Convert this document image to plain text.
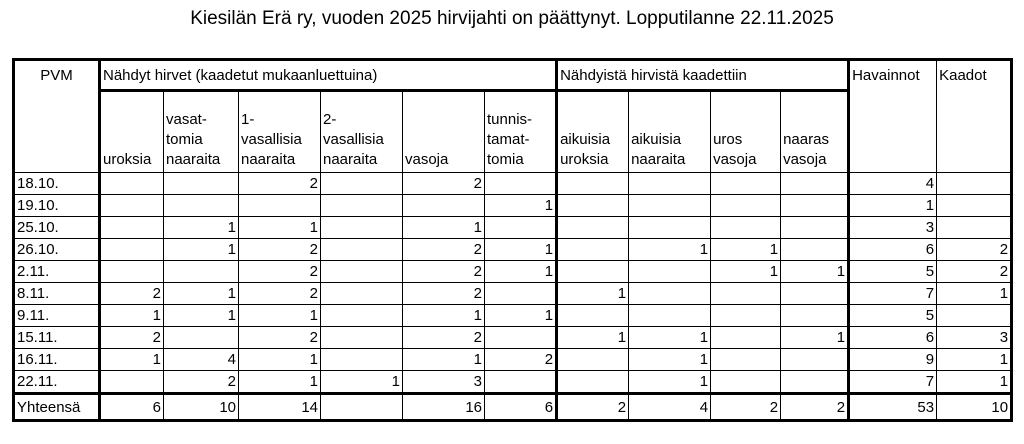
Kiesilän Erä ry, vuoden 2025 hirvijahti on päättynyt. Lopputilanne 22.11.2025
PVM	Nähdyt hirvet (kaadetut mukaanluettuina)						Nähdyistä hirvistä kaadettiin				Havainnot	Kaadot
	uroksia	vasat- tomia naaraita	1- vasallisia naaraita	2- vasallisia naaraita	vasoja	tunnis- tamat- tomia	aikuisia uroksia	aikuisia naaraita	uros vasoja	naaras vasoja		
18.10.			2		2						4	
19.10.						1					1	
25.10.		1	1		1						3	
26.10.		1	2		2	1		1	1		6	2
2.11.			2		2	1			1	1	5	2
8.11.	2	1	2		2		1				7	1
9.11.	1	1	1		1	1					5	
15.11.	2		2		2		1	1		1	6	3
16.11.	1	4	1		1	2		1			9	1
22.11.		2	1	1	3			1			7	1
Yhteensä	6	10	14		16	6	2	4	2	2	53	10
